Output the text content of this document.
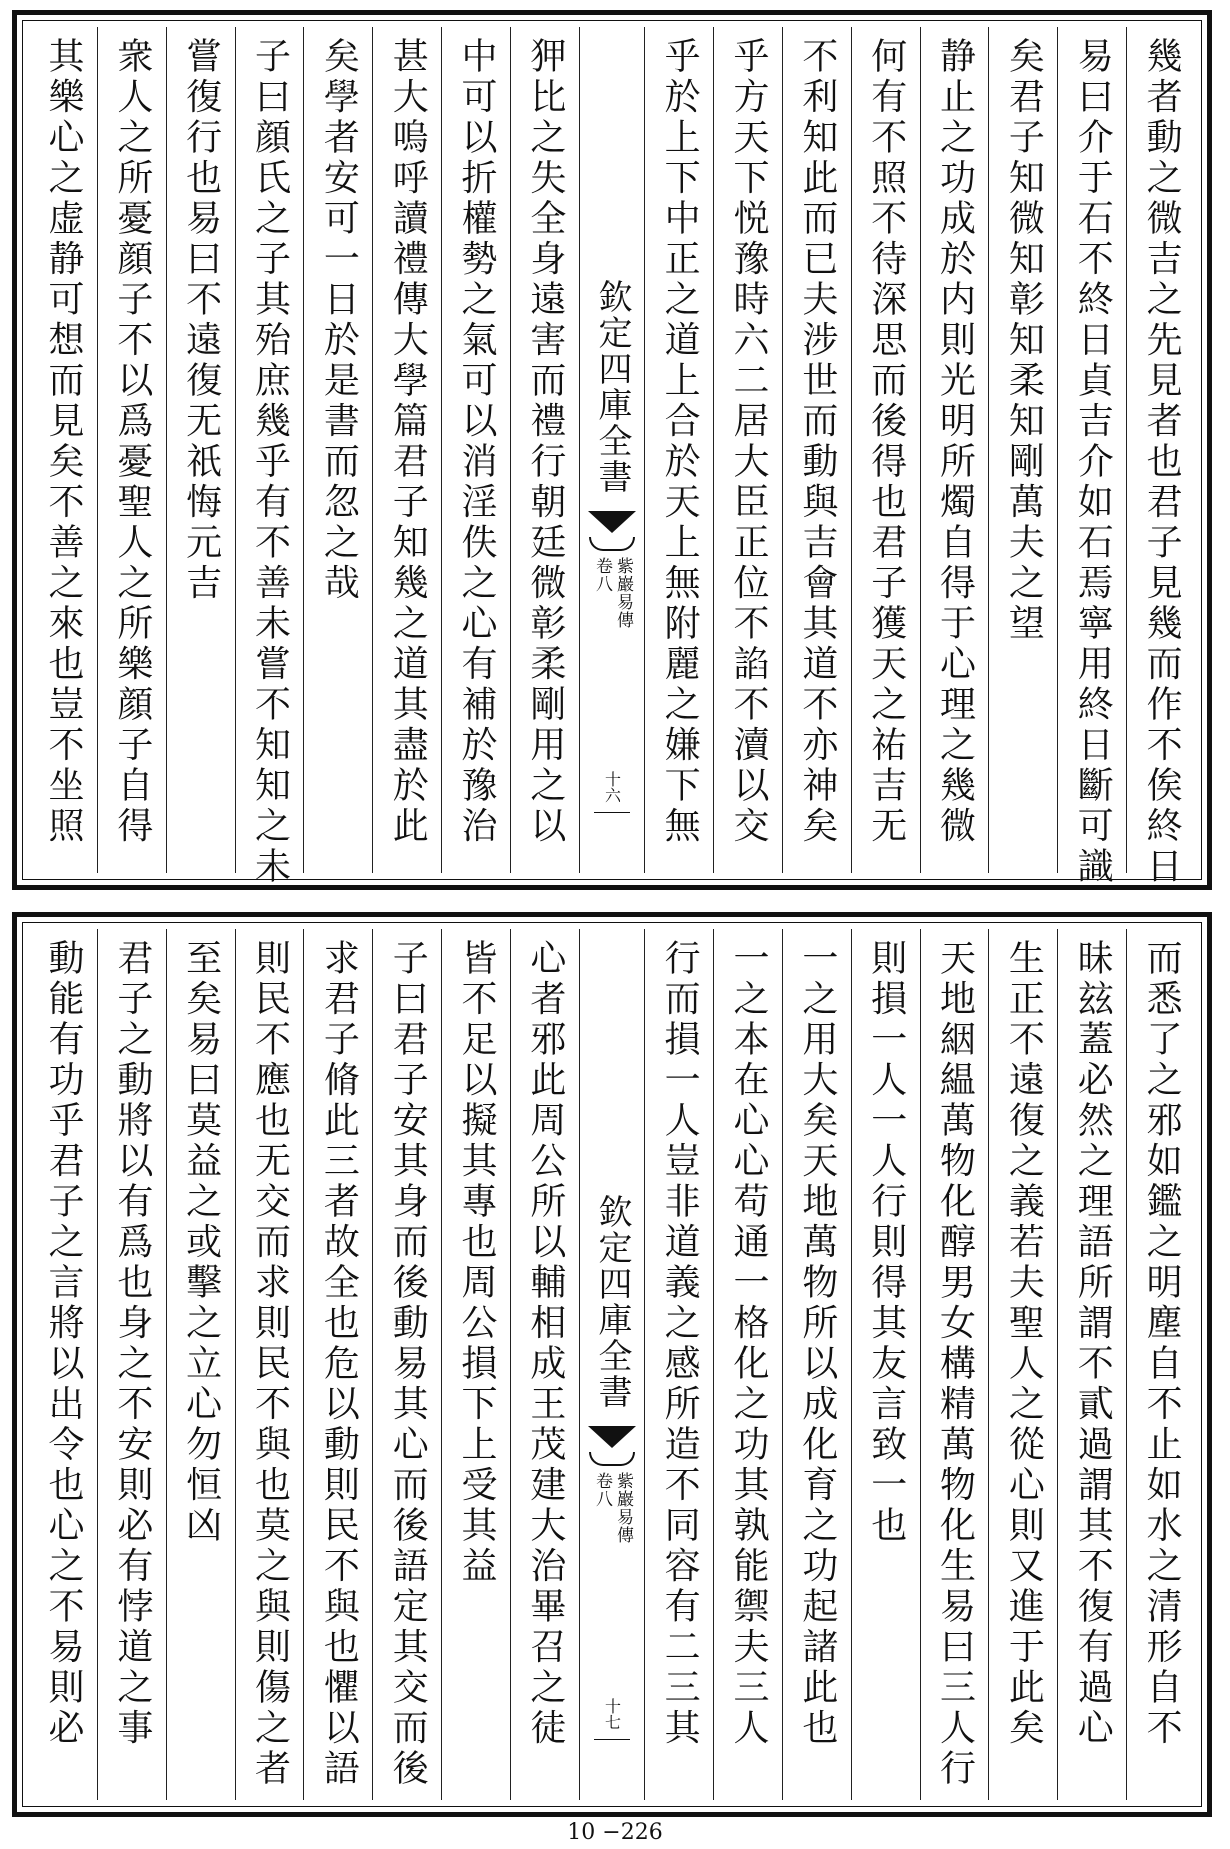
幾者動之微吉之先見者也君子見幾而作不俟終日
易曰介于石不終日貞吉介如石焉寧用終日斷可識
矣君子知微知彰知柔知剛萬夫之望
静止之功成於内則光明所燭自得于心理之幾微
何有不照不待深思而後得也君子獲天之祐吉无
不利知此而已夫涉世而動與吉會其道不亦神矣
乎方天下悦豫時六二居大臣正位不諂不瀆以交
乎於上下中正之道上合於天上無附麗之嫌下無
欽定四庫全書
紫巖易傳
卷八
十六
狎比之失全身遠害而禮行朝廷微彰柔剛用之以
中可以折權勢之氣可以消淫佚之心有補於豫治
甚大嗚呼讀禮傳大學篇君子知幾之道其盡於此
矣學者安可一日於是書而忽之哉
子曰顔氏之子其殆庶幾乎有不善未嘗不知知之未
嘗復行也易曰不遠復无祇悔元吉
衆人之所憂顔子不以爲憂聖人之所樂顔子自得
其樂心之虚静可想而見矣不善之來也豈不坐照
而悉了之邪如鑑之明塵自不止如水之清形自不
昧玆蓋必然之理語所謂不貳過謂其不復有過心
生正不遠復之義若夫聖人之從心則又進于此矣
天地絪緼萬物化醇男女構精萬物化生易曰三人行
則損一人一人行則得其友言致一也
一之用大矣天地萬物所以成化育之功起諸此也
一之本在心心苟通一格化之功其孰能禦夫三人
行而損一人豈非道義之感所造不同容有二三其
欽定四庫全書
紫巖易傳
卷八
十七
心者邪此周公所以輔相成王茂建大治畢召之徒
皆不足以擬其專也周公損下上受其益
子曰君子安其身而後動易其心而後語定其交而後
求君子脩此三者故全也危以動則民不與也懼以語
則民不應也无交而求則民不與也莫之與則傷之者
至矣易曰莫益之或擊之立心勿恒凶
君子之動將以有爲也身之不安則必有悖道之事
動能有功乎君子之言將以出令也心之不易則必
10 −226
